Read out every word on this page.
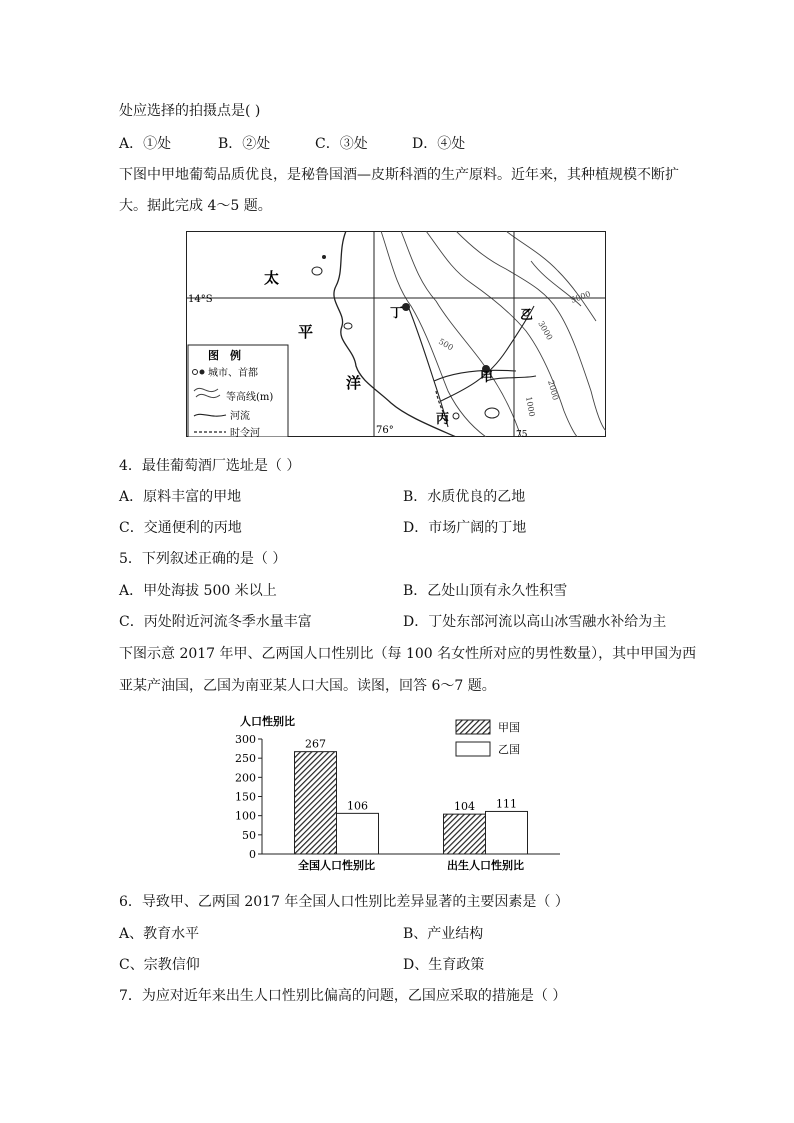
处应选择的拍摄点是( )
A．①处	B．②处	C．③处	D．④处
下图中甲地葡萄品质优良，是秘鲁国酒—皮斯科酒的生产原料。近年来，其种植规模不断扩
大。据此完成 4～5 题。
14°S
76°	75
太
平
洋
丁
甲
乙
丙
5000
3000
2000
1000
500
图　例
城市、首都
等高线(m)
河流
时令河
4．最佳葡萄酒厂选址是（ ）
A．原料丰富的甲地	B．水质优良的乙地
C．交通便利的丙地	D．市场广阔的丁地
5．下列叙述正确的是（ ）
A．甲处海拔 500 米以上	B．乙处山顶有永久性积雪
C．丙处附近河流冬季水量丰富	D．丁处东部河流以高山冰雪融水补给为主
下图示意 2017 年甲、乙两国人口性别比（每 100 名女性所对应的男性数量），其中甲国为西
亚某产油国，乙国为南亚某人口大国。读图，回答 6～7 题。
人口性别比
0
50
100
150
200
250
300
全国人口性别比	出生人口性别比
267
106	104 111
甲国
乙国
6．导致甲、乙两国 2017 年全国人口性别比差异显著的主要因素是（ ）
A、教育水平	B、产业结构
C、宗教信仰	D、生育政策
7．为应对近年来出生人口性别比偏高的问题，乙国应采取的措施是（ ）
